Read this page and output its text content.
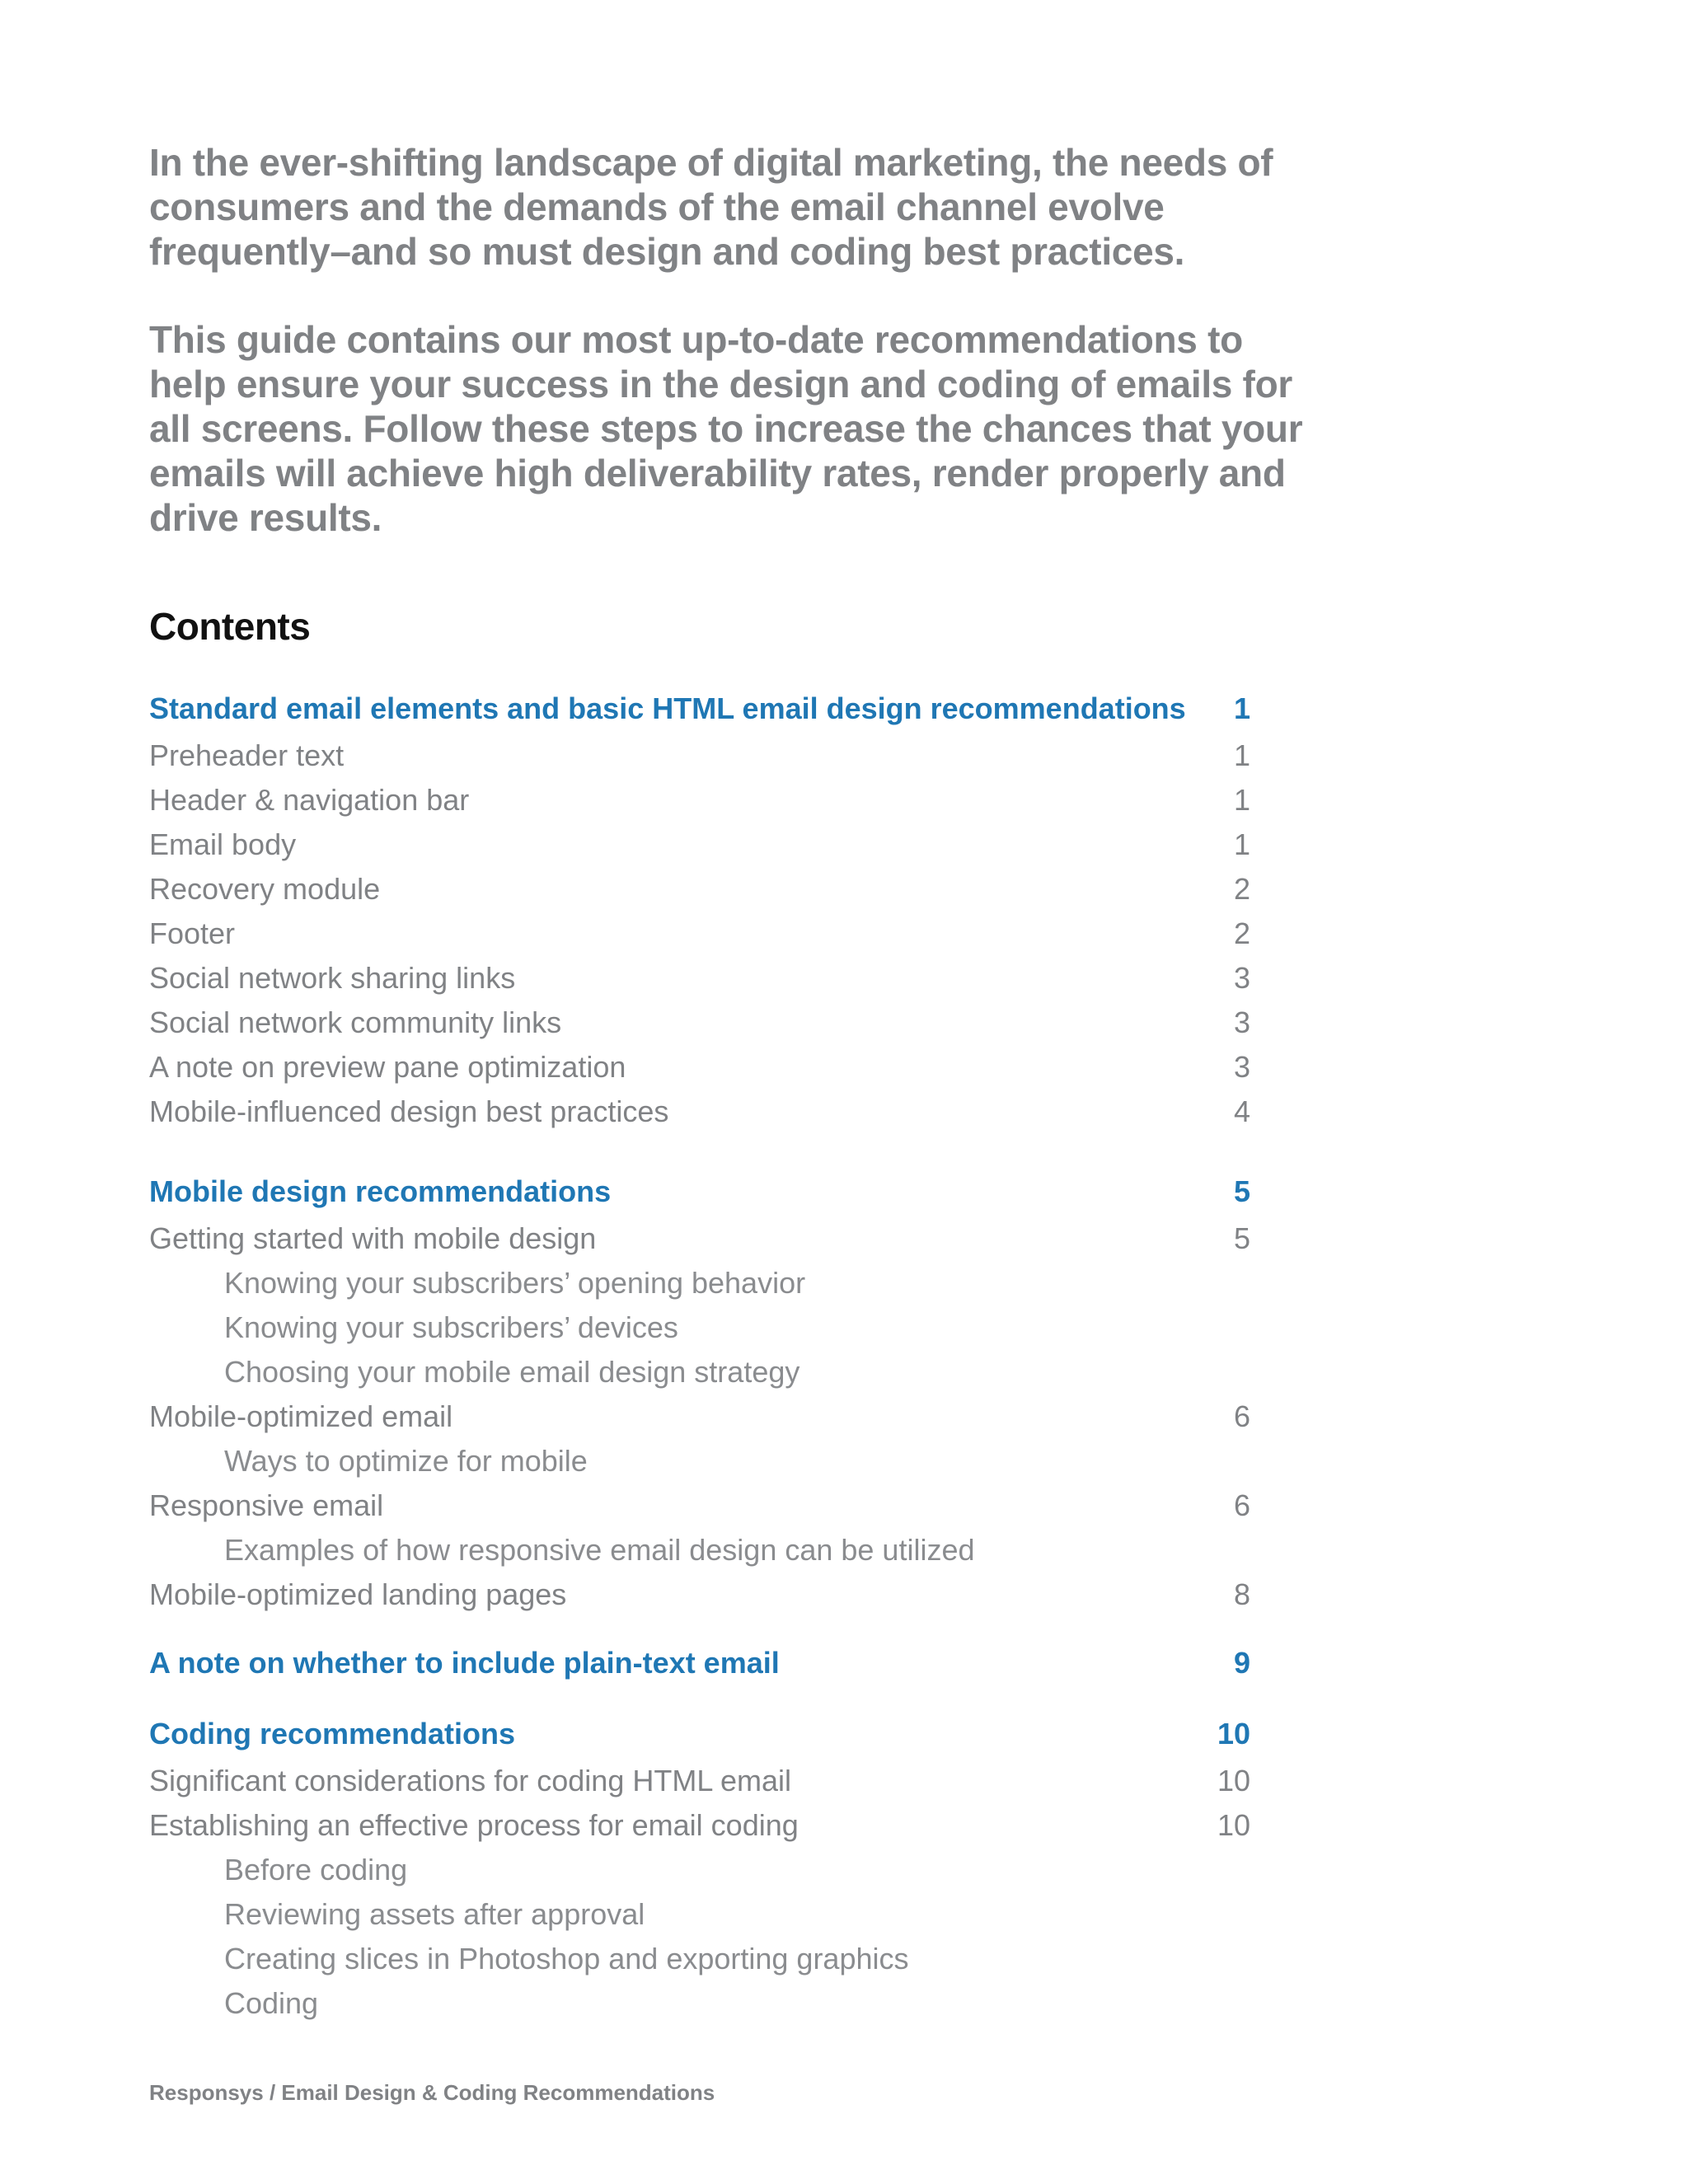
In the ever-shifting landscape of digital marketing, the needs of consumers and the demands of the email channel evolve frequently–and so must design and coding best practices.

This guide contains our most up-to-date recommendations to help ensure your success in the design and coding of emails for all screens. Follow these steps to increase the chances that your emails will achieve high deliverability rates, render properly and drive results.

Contents
Standard email elements and basic HTML email design recommendations	1
Preheader text	1
Header & navigation bar	1
Email body	1
Recovery module	2
Footer	2
Social network sharing links	3
Social network community links	3
A note on preview pane optimization	3
Mobile-influenced design best practices	4
Mobile design recommendations	5
Getting started with mobile design	5
Knowing your subscribers’ opening behavior
Knowing your subscribers’ devices
Choosing your mobile email design strategy
Mobile-optimized email	6
Ways to optimize for mobile
Responsive email	6
Examples of how responsive email design can be utilized
Mobile-optimized landing pages	8
A note on whether to include plain-text email	9
Coding recommendations	10
Significant considerations for coding HTML email	10
Establishing an effective process for email coding	10
Before coding
Reviewing assets after approval
Creating slices in Photoshop and exporting graphics
Coding
Responsys / Email Design & Coding Recommendations
